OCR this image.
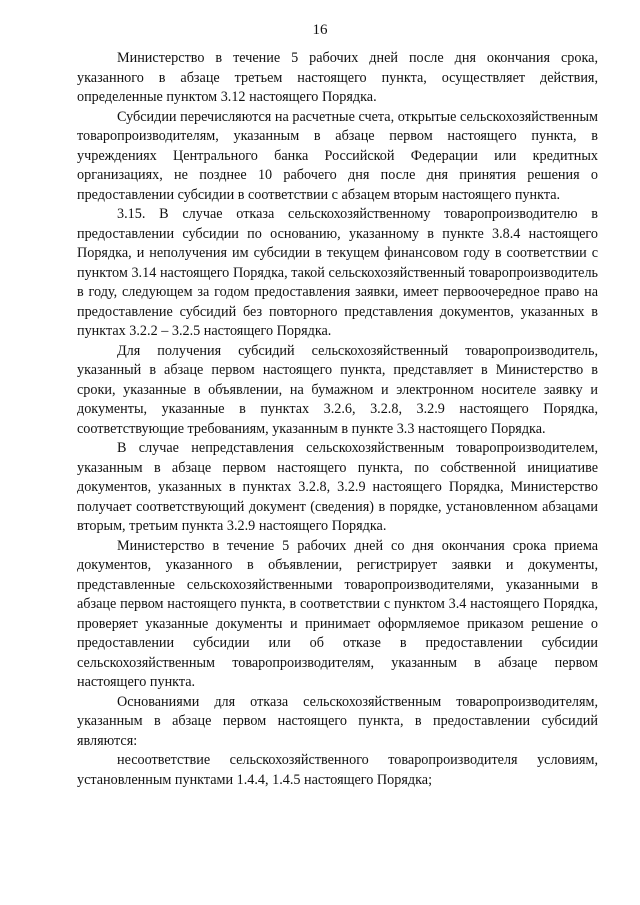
16

Министерство в течение 5 рабочих дней после дня окончания срока, указанного в абзаце третьем настоящего пункта, осуществляет действия, определенные пунктом 3.12 настоящего Порядка.

Субсидии перечисляются на расчетные счета, открытые сельскохозяйственным товаропроизводителям, указанным в абзаце первом настоящего пункта, в учреждениях Центрального банка Российской Федерации или кредитных организациях, не позднее 10 рабочего дня после дня принятия решения о предоставлении субсидии в соответствии с абзацем вторым настоящего пункта.

3.15. В случае отказа сельскохозяйственному товаропроизводителю в предоставлении субсидии по основанию, указанному в пункте 3.8.4 настоящего Порядка, и неполучения им субсидии в текущем финансовом году в соответствии с пунктом 3.14 настоящего Порядка, такой сельскохозяйственный товаропроизводитель в году, следующем за годом предоставления заявки, имеет первоочередное право на предоставление субсидий без повторного представления документов, указанных в пунктах 3.2.2 – 3.2.5 настоящего Порядка.

Для получения субсидий сельскохозяйственный товаропроизводитель, указанный в абзаце первом настоящего пункта, представляет в Министерство в сроки, указанные в объявлении, на бумажном и электронном носителе заявку и документы, указанные в пунктах 3.2.6, 3.2.8, 3.2.9 настоящего Порядка, соответствующие требованиям, указанным в пункте 3.3 настоящего Порядка.

В случае непредставления сельскохозяйственным товаропроизводителем, указанным в абзаце первом настоящего пункта, по собственной инициативе документов, указанных в пунктах 3.2.8, 3.2.9 настоящего Порядка, Министерство получает соответствующий документ (сведения) в порядке, установленном абзацами вторым, третьим пункта 3.2.9 настоящего Порядка.

Министерство в течение 5 рабочих дней со дня окончания срока приема документов, указанного в объявлении, регистрирует заявки и документы, представленные сельскохозяйственными товаропроизводителями, указанными в абзаце первом настоящего пункта, в соответствии с пунктом 3.4 настоящего Порядка, проверяет указанные документы и принимает оформляемое приказом решение о предоставлении субсидии или об отказе в предоставлении субсидии сельскохозяйственным товаропроизводителям, указанным в абзаце первом настоящего пункта.

Основаниями для отказа сельскохозяйственным товаропроизводителям, указанным в абзаце первом настоящего пункта, в предоставлении субсидий являются:

несоответствие сельскохозяйственного товаропроизводителя условиям, установленным пунктами 1.4.4, 1.4.5 настоящего Порядка;
